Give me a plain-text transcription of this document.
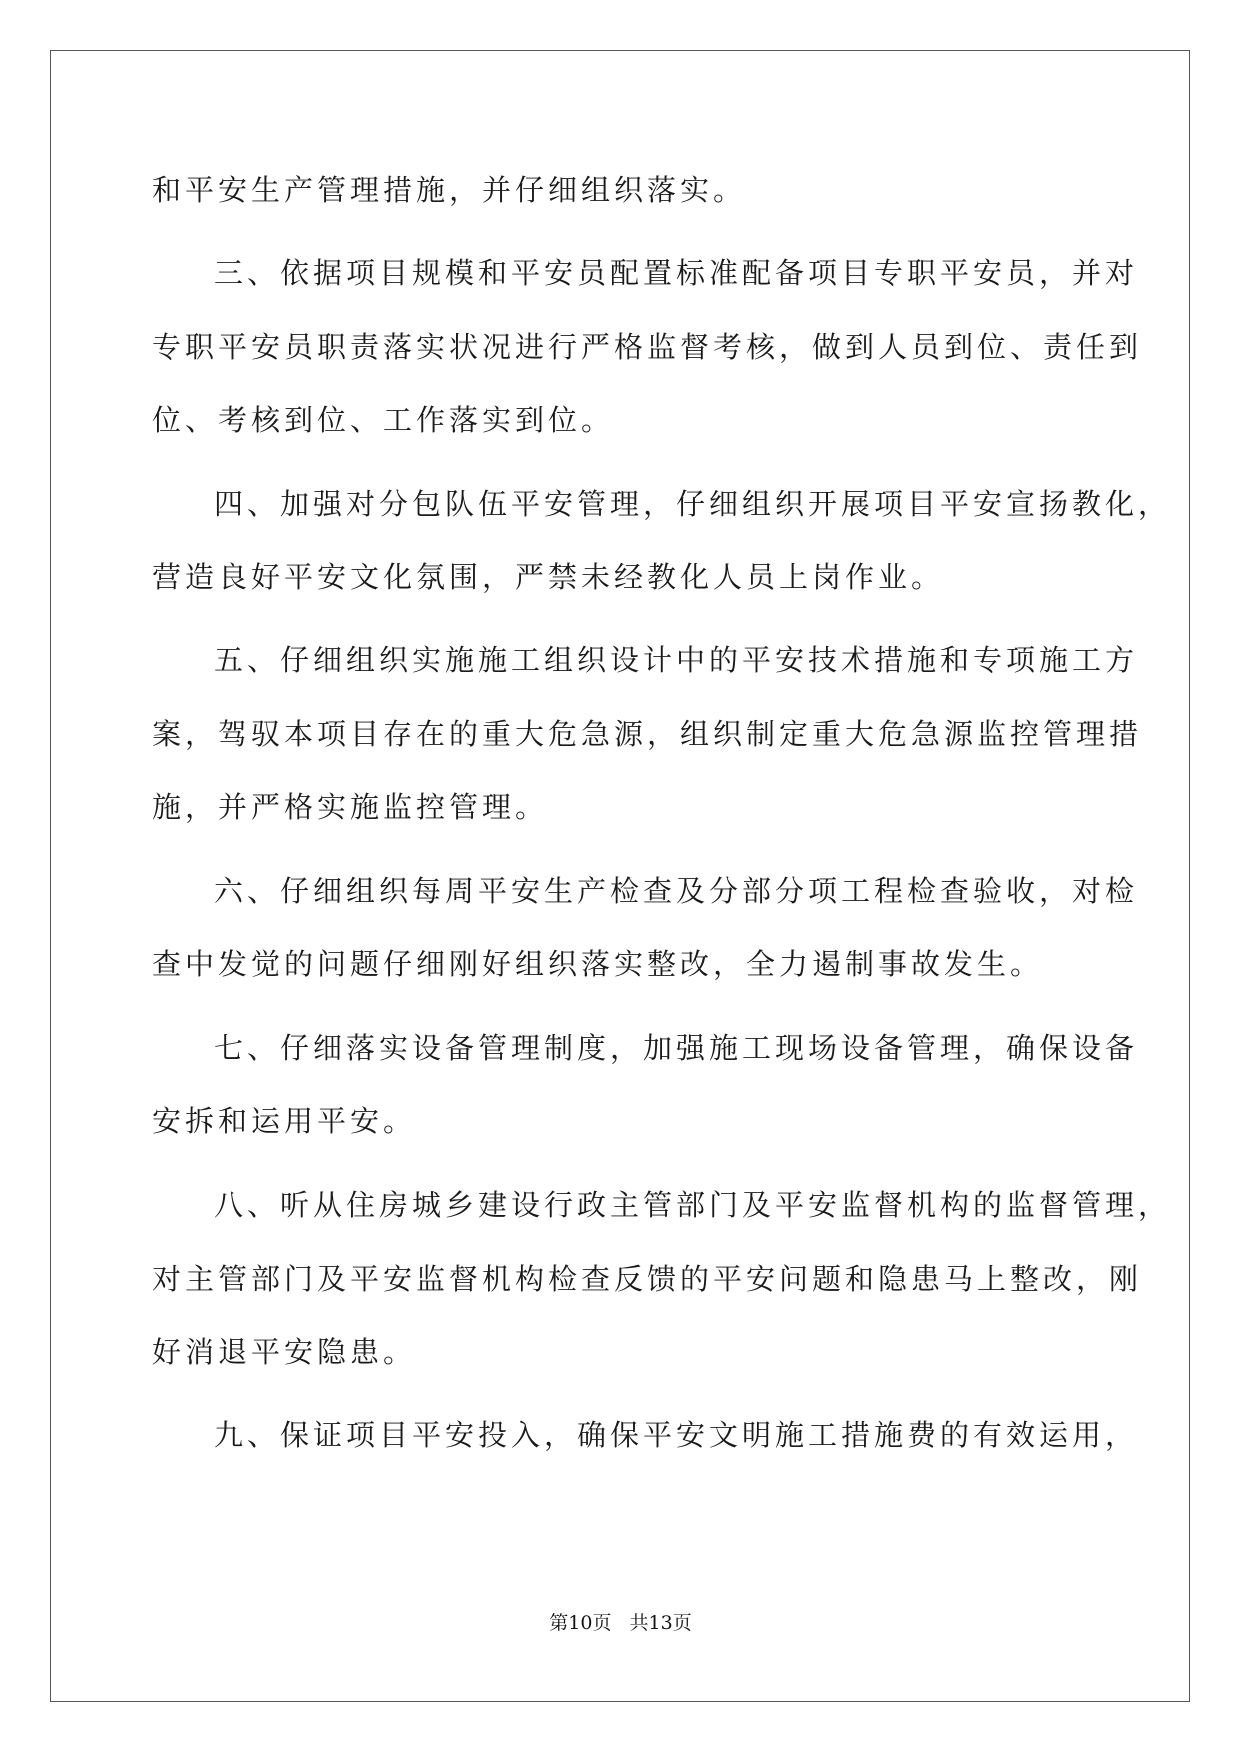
和平安生产管理措施，并仔细组织落实。
三、依据项目规模和平安员配置标准配备项目专职平安员，并对
专职平安员职责落实状况进行严格监督考核，做到人员到位、责任到
位、考核到位、工作落实到位。
四、加强对分包队伍平安管理，仔细组织开展项目平安宣扬教化，
营造良好平安文化氛围，严禁未经教化人员上岗作业。
五、仔细组织实施施工组织设计中的平安技术措施和专项施工方
案，驾驭本项目存在的重大危急源，组织制定重大危急源监控管理措
施，并严格实施监控管理。
六、仔细组织每周平安生产检查及分部分项工程检查验收，对检
查中发觉的问题仔细刚好组织落实整改，全力遏制事故发生。
七、仔细落实设备管理制度，加强施工现场设备管理，确保设备
安拆和运用平安。
八、听从住房城乡建设行政主管部门及平安监督机构的监督管理，
对主管部门及平安监督机构检查反馈的平安问题和隐患马上整改，刚
好消退平安隐患。
九、保证项目平安投入，确保平安文明施工措施费的有效运用，
第10页 共13页
